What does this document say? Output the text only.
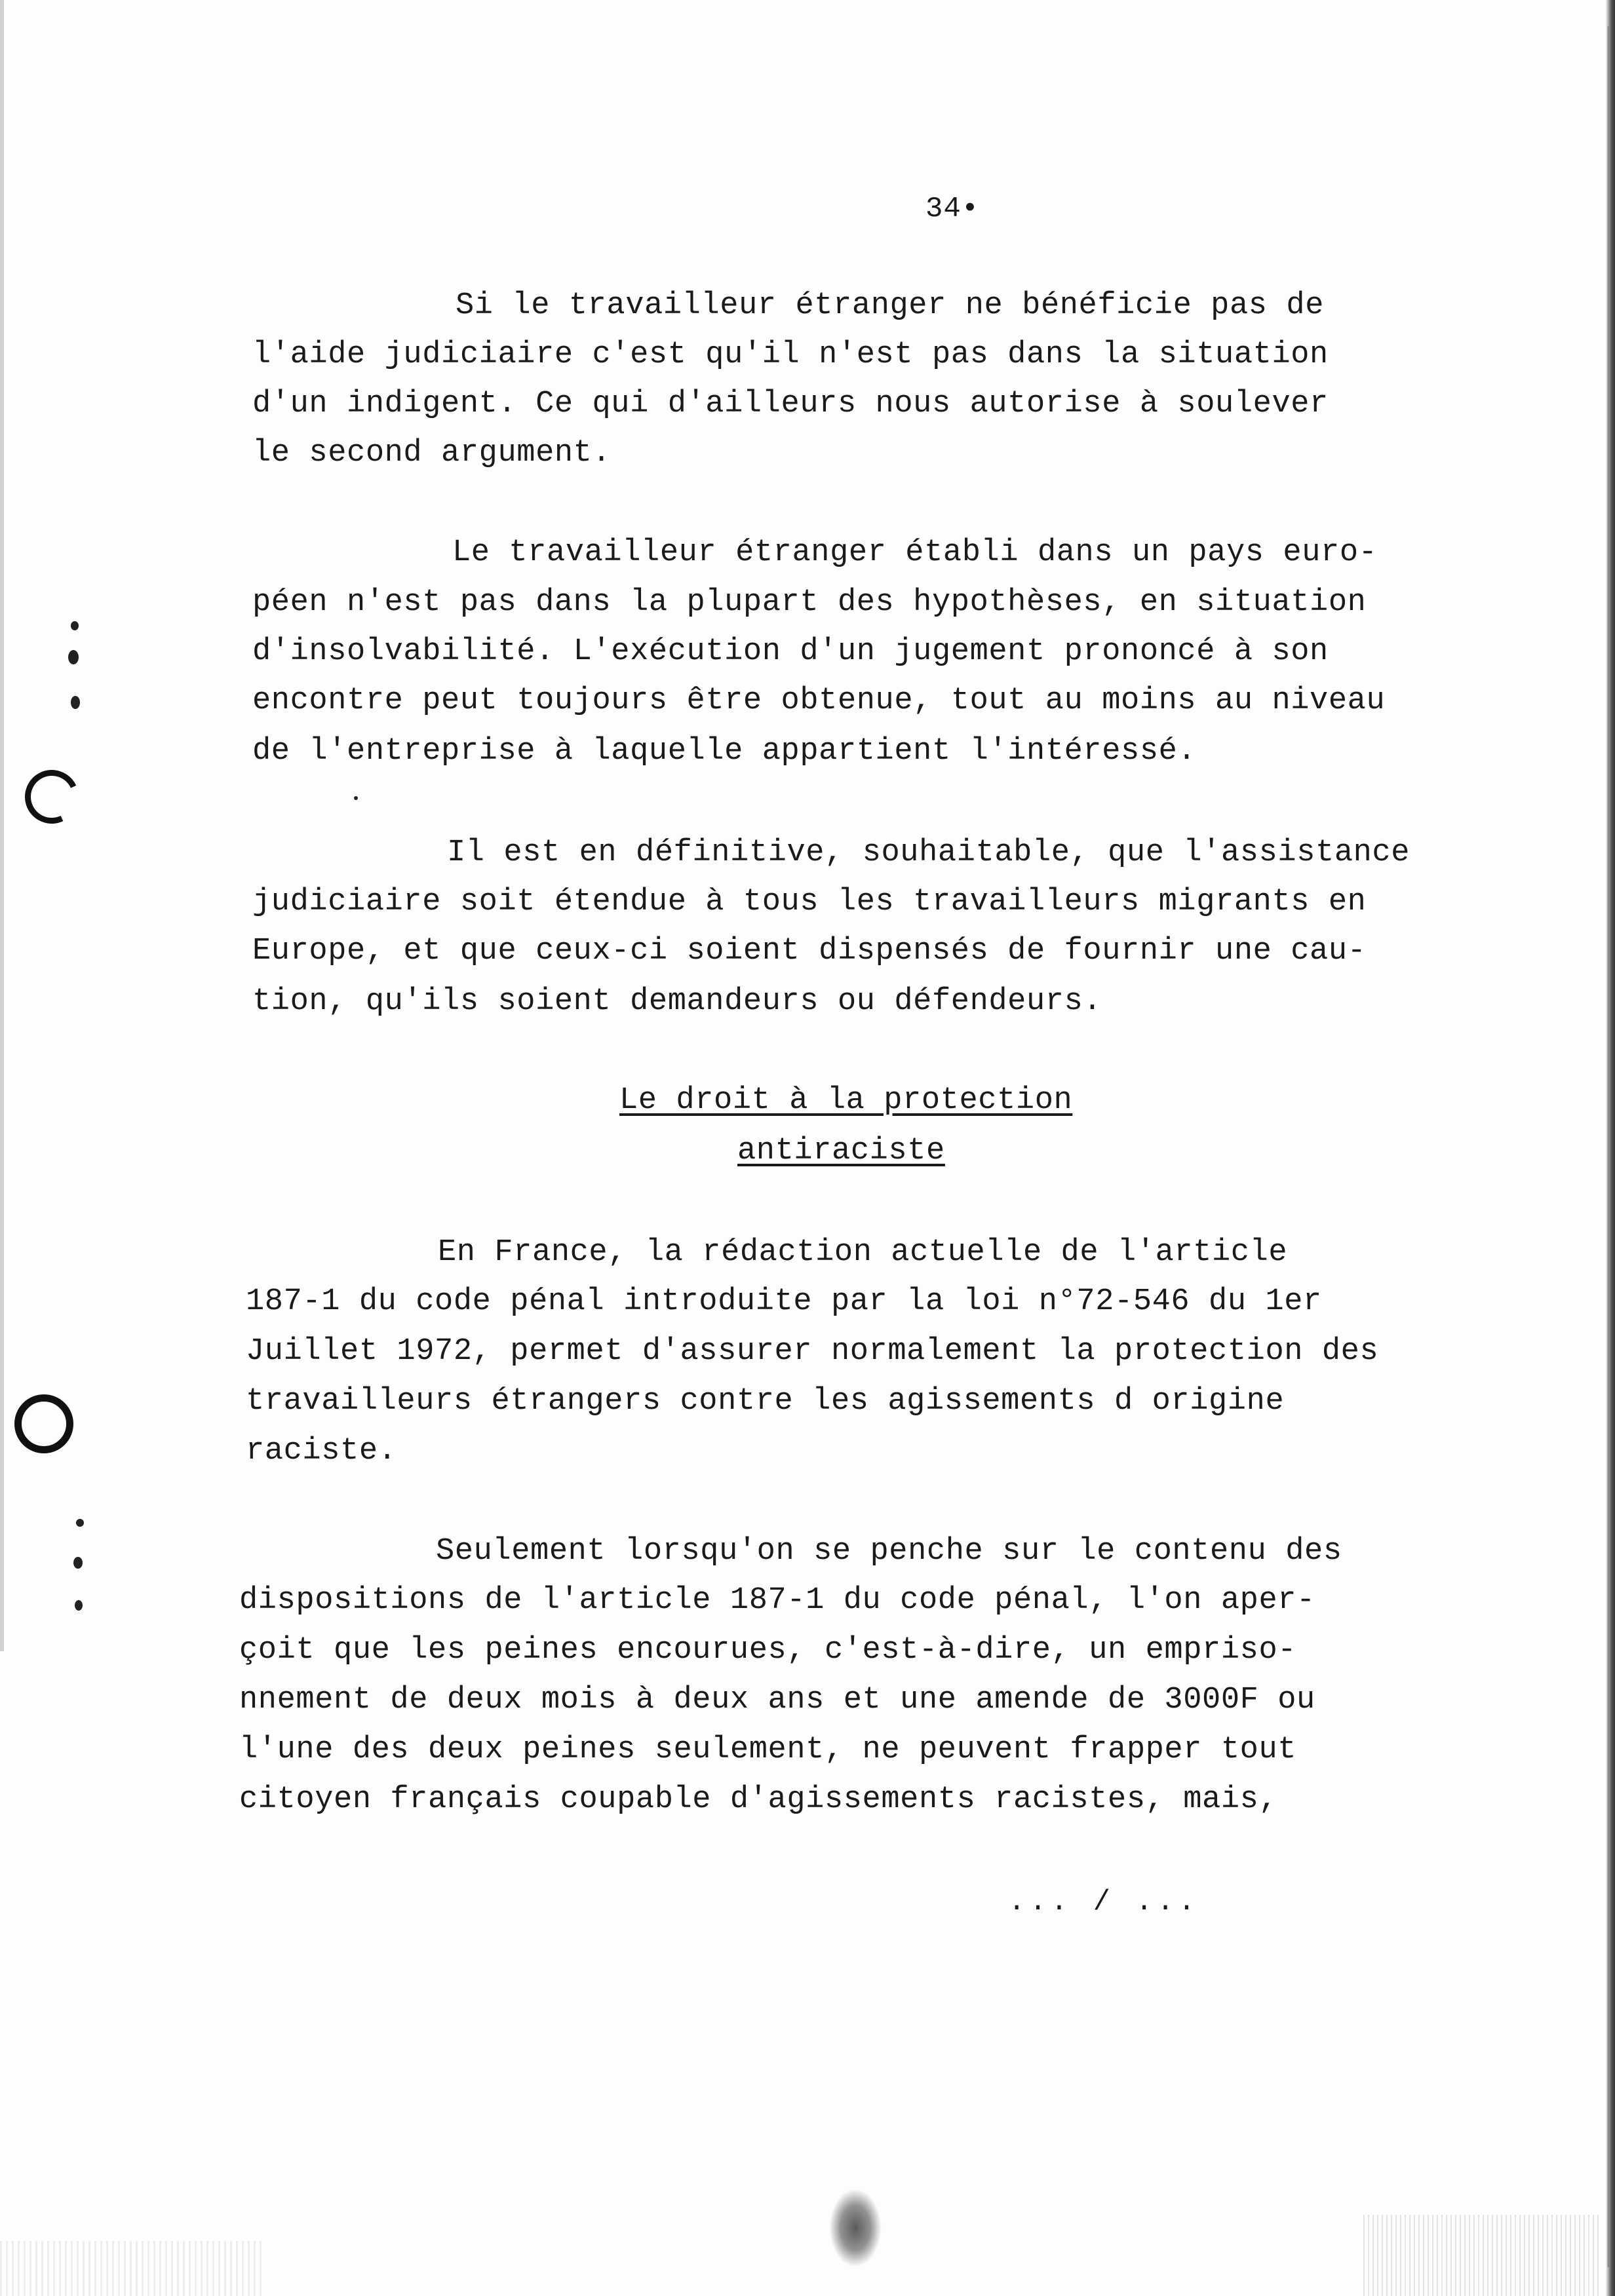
34•
Si le travailleur étranger ne bénéficie pas de
l'aide judiciaire c'est qu'il n'est pas dans la situation
d'un indigent. Ce qui d'ailleurs nous autorise à soulever
le second argument.
Le travailleur étranger établi dans un pays euro-
péen n'est pas dans la plupart des hypothèses, en situation
d'insolvabilité. L'exécution d'un jugement prononcé à son
encontre peut toujours être obtenue, tout au moins au niveau
de l'entreprise à laquelle appartient l'intéressé.
Il est en définitive, souhaitable, que l'assistance
judiciaire soit étendue à tous les travailleurs migrants en
Europe, et que ceux-ci soient dispensés de fournir une cau-
tion, qu'ils soient demandeurs ou défendeurs.
Le droit à la protection
antiraciste
En France, la rédaction actuelle de l'article
187-1 du code pénal introduite par la loi n°72-546 du 1er
Juillet 1972, permet d'assurer normalement la protection des
travailleurs étrangers contre les agissements d origine
raciste.
Seulement lorsqu'on se penche sur le contenu des
dispositions de l'article 187-1 du code pénal, l'on aper-
çoit que les peines encourues, c'est-à-dire, un empriso-
nnement de deux mois à deux ans et une amende de 3000F ou
l'une des deux peines seulement, ne peuvent frapper tout
citoyen français coupable d'agissements racistes, mais,
... / ...
